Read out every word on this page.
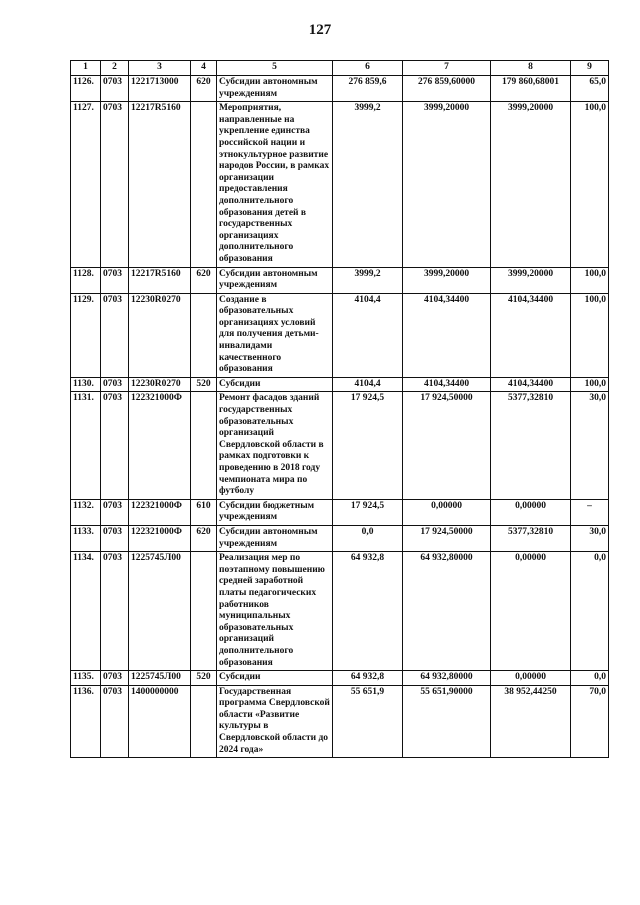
127
1	2	3	4	5	6	7	8	9
1126.	0703	1221713000	620	Субсидии автономным учреждениям	276 859,6	276 859,60000	179 860,68001	65,0
1127.	0703	12217R5160		Мероприятия, направленные на укрепление единства российской нации и этнокультурное развитие народов России, в рамках организации предоставления дополнительного образования детей в государственных организациях дополнительного образования	3999,2	3999,20000	3999,20000	100,0
1128.	0703	12217R5160	620	Субсидии автономным учреждениям	3999,2	3999,20000	3999,20000	100,0
1129.	0703	12230R0270		Создание в образовательных организациях условий для получения детьми-инвалидами качественного образования	4104,4	4104,34400	4104,34400	100,0
1130.	0703	12230R0270	520	Субсидии	4104,4	4104,34400	4104,34400	100,0
1131.	0703	122321000Ф		Ремонт фасадов зданий государственных образовательных организаций Свердловской области в рамках подготовки к проведению в 2018 году чемпионата мира по футболу	17 924,5	17 924,50000	5377,32810	30,0
1132.	0703	122321000Ф	610	Субсидии бюджетным учреждениям	17 924,5	0,00000	0,00000	–
1133.	0703	122321000Ф	620	Субсидии автономным учреждениям	0,0	17 924,50000	5377,32810	30,0
1134.	0703	1225745Л00		Реализация мер по поэтапному повышению средней заработной платы педагогических работников муниципальных образовательных организаций дополнительного образования	64 932,8	64 932,80000	0,00000	0,0
1135.	0703	1225745Л00	520	Субсидии	64 932,8	64 932,80000	0,00000	0,0
1136.	0703	1400000000		Государственная программа Свердловской области «Развитие культуры в Свердловской области до 2024 года»	55 651,9	55 651,90000	38 952,44250	70,0
